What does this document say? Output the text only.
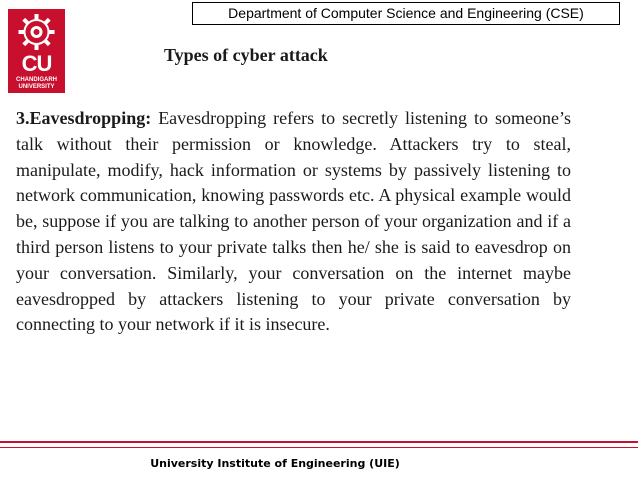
CU
CHANDIGARH
UNIVERSITY
Department of Computer Science and Engineering (CSE)
Types of cyber attack
3.Eavesdropping: Eavesdropping refers to secretly listening to someone’s talk without their permission or knowledge. Attackers try to steal, manipulate, modify, hack information or systems by passively listening to network communication, knowing passwords etc. A physical example would be, suppose if you are talking to another person of your organization and if a third person listens to your private talks then he/ she is said to eavesdrop on your conversation. Similarly, your conversation on the internet maybe eavesdropped by attackers listening to your private conversation by connecting to your network if it is insecure.
University Institute of Engineering (UIE)
